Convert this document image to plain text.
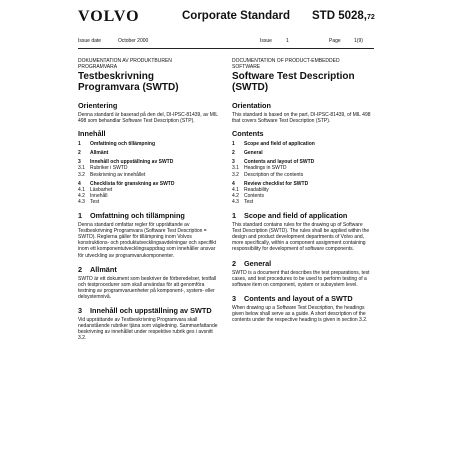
VOLVO	Corporate Standard STD 5028,72
Issue date	October 2000	Issue	1	Page	1(9)
DOKUMENTATION AV PRODUKTBUREN
PROGRAMVARA
Testbeskrivning
Programvara (SWTD)
Orientering
Denna standard är baserad på den del, DI-IPSC-81439, av MIL 498 som behandlar Software Test Description (STP).
Innehåll
1	Omfattning och tillämpning
2	Allmänt
3	Innehåll och uppställning av SWTD
3.1	Rubriker i SWTD
3.2	Beskrivning av innehållet
4	Checklista för granskning av SWTD
4.1	Läsbarhet
4.2	Innehåll
4.3	Test
1	Omfattning och tillämpning
Denna standard omfattar regler för upprättande av Testbeskrivning Programvara (Software Test Description = SWTD). Reglerna gäller för tillämpning inom Volvos konstruktions- och produktutvecklingsavdelningar och specifikt inom ett komponentutvecklingsuppdrag som innehåller ansvar för utveckling av programvarukomponenter.
2	Allmänt
SWTD är ett dokument som beskriver de förberedelser, testfall och testprocedurer som skall användas för att genomföra testning av programvaruenheter på komponent-, system- eller delsystemnivå.
3	Innehåll och uppställning av SWTD
Vid upprättande av Testbeskrivning Programvara skall nedanstående rubriker tjäna som vägledning. Sammanfattande beskrivning av innehållet under respektive rubrik ges i avsnitt 3.2.
DOCUMENTATION OF PRODUCT-EMBEDDED
SOFTWARE
Software Test Description
(SWTD)
Orientation
This standard is based on the part, DI-IPSC-81439, of MIL 498 that covers Software Test Description (STP).
Contents
1	Scope and field of application
2	General
3	Contents and layout of SWTD
3.1	Headings in SWTD
3.2	Description of the contents
4	Review checklist for SWTD
4.1	Readability
4.2	Contents
4.3	Test
1	Scope and field of application
This standard contains rules for the drawing up of Software Test Description (SWTD). The rules shall be applied within the design and product development departments of Volvo and, more specifically, within a component assignment containing responsibility for development of software components.
2	General
SWTD is a document that describes the test preparations, test cases, and test procedures to be used to perform testing of a software item on component, system or subsystem level.
3	Contents and layout of a SWTD
When drawing up a Software Test Description, the headings given below shall serve as a guide. A short description of the contents under the respective heading is given in section 3.2.
